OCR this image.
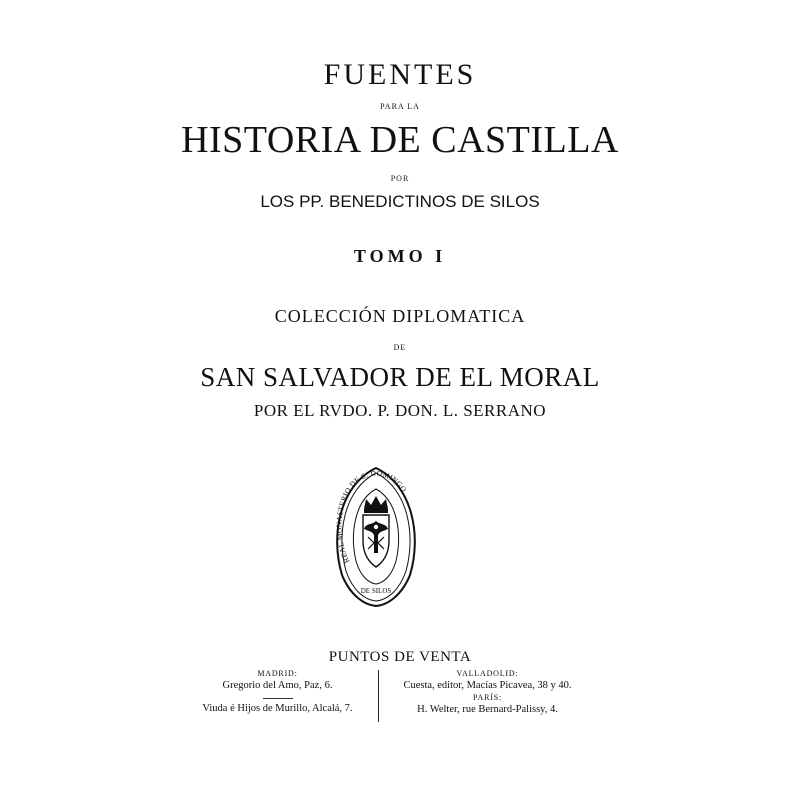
FUENTES
PARA LA
HISTORIA DE CASTILLA
POR
LOS PP. BENEDICTINOS DE SILOS
TOMO I
COLECCIÓN DIPLOMATICA
DE
SAN SALVADOR DE EL MORAL
POR EL RVDO. P. DON. L. SERRANO
REAL MONASTERIO DE S. DOMINGO
DE SILOS
PUNTOS DE VENTA
MADRID:
Gregorio del Amo, Paz, 6.
Viuda é Hijos de Murillo, Alcalá, 7.
VALLADOLID:
Cuesta, editor, Macías Picavea, 38 y 40.
PARÍS:
H. Welter, rue Bernard-Palissy, 4.
